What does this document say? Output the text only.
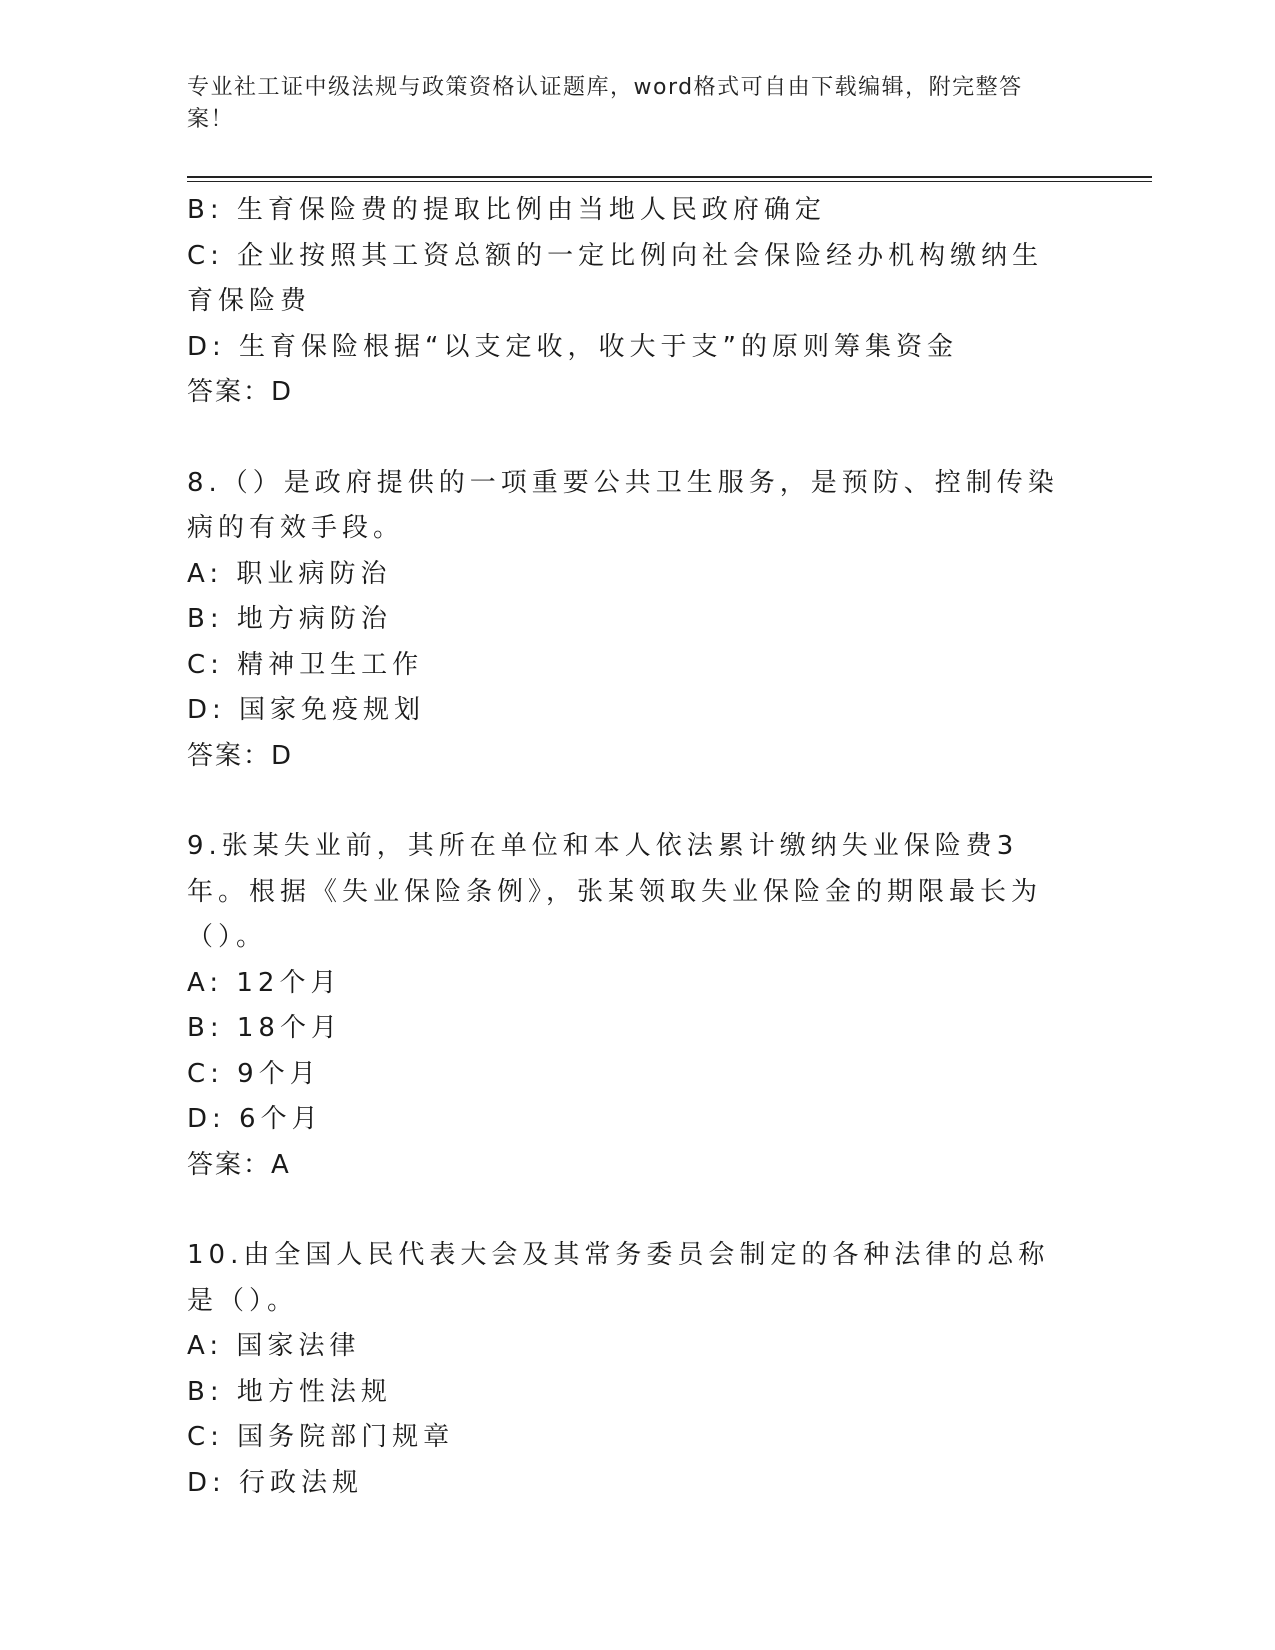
专业社工证中级法规与政策资格认证题库，word格式可自由下载编辑，附完整答案！

B: 生育保险费的提取比例由当地人民政府确定

C: 企业按照其工资总额的一定比例向社会保险经办机构缴纳生育保险费

D: 生育保险根据“以支定收，收大于支”的原则筹集资金

答案：D

8.（）是政府提供的一项重要公共卫生服务，是预防、控制传染病的有效手段。

A: 职业病防治

B: 地方病防治

C: 精神卫生工作

D: 国家免疫规划

答案：D

9.张某失业前，其所在单位和本人依法累计缴纳失业保险费3年。根据《失业保险条例》，张某领取失业保险金的期限最长为（）。

A: 12个月

B: 18个月

C: 9个月

D: 6个月

答案：A

10.由全国人民代表大会及其常务委员会制定的各种法律的总称是（）。

A: 国家法律

B: 地方性法规

C: 国务院部门规章

D: 行政法规
